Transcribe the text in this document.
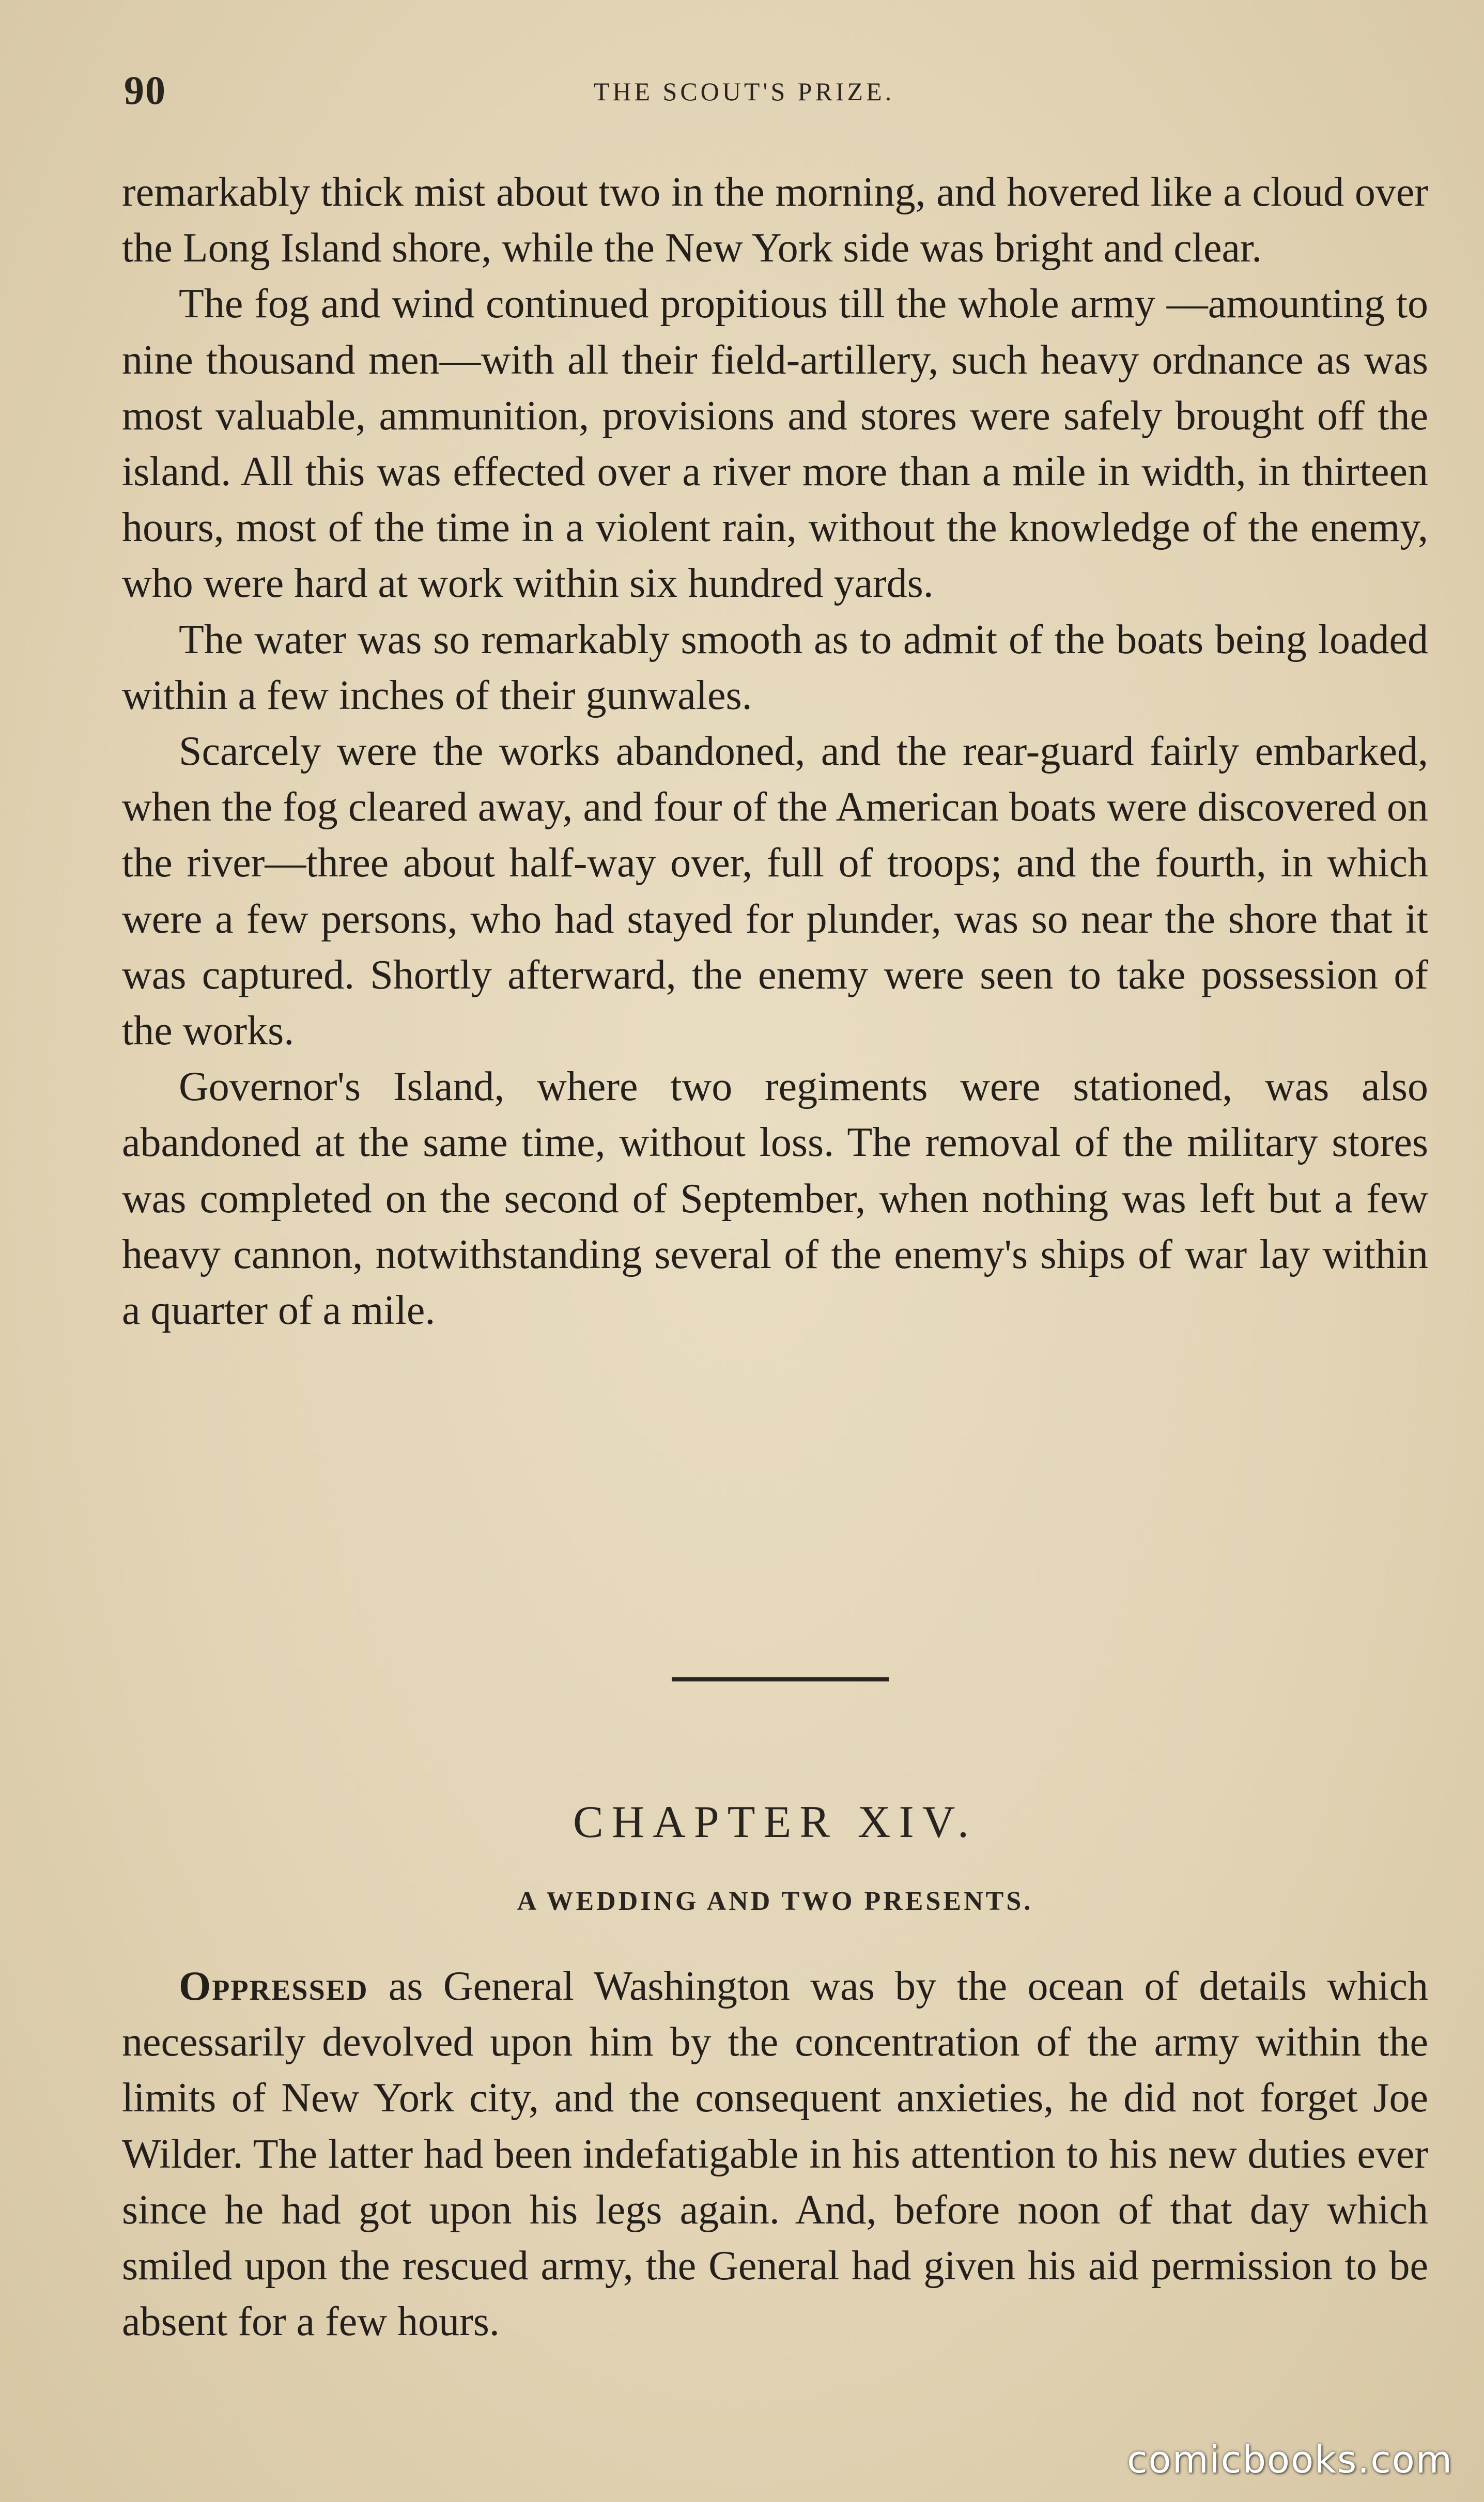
90	THE SCOUT'S PRIZE.

remarkably thick mist about two in the morning, and hovered like a cloud over the Long Island shore, while the New York side was bright and clear.

The fog and wind continued propitious till the whole army —amounting to nine thousand men—with all their field-artillery, such heavy ordnance as was most valuable, ammunition, provisions and stores were safely brought off the island. All this was effected over a river more than a mile in width, in thirteen hours, most of the time in a violent rain, without the knowledge of the enemy, who were hard at work within six hundred yards.

The water was so remarkably smooth as to admit of the boats being loaded within a few inches of their gunwales.

Scarcely were the works abandoned, and the rear-guard fairly embarked, when the fog cleared away, and four of the American boats were discovered on the river—three about half-way over, full of troops; and the fourth, in which were a few persons, who had stayed for plunder, was so near the shore that it was captured. Shortly afterward, the enemy were seen to take possession of the works.

Governor's Island, where two regiments were stationed, was also abandoned at the same time, without loss. The removal of the military stores was completed on the second of September, when nothing was left but a few heavy cannon, notwithstanding several of the enemy's ships of war lay within a quarter of a mile.

CHAPTER XIV.
A WEDDING AND TWO PRESENTS.

Oppressed as General Washington was by the ocean of details which necessarily devolved upon him by the concentration of the army within the limits of New York city, and the consequent anxieties, he did not forget Joe Wilder. The latter had been indefatigable in his attention to his new duties ever since he had got upon his legs again. And, before noon of that day which smiled upon the rescued army, the General had given his aid permission to be absent for a few hours.

comicbooks.com
